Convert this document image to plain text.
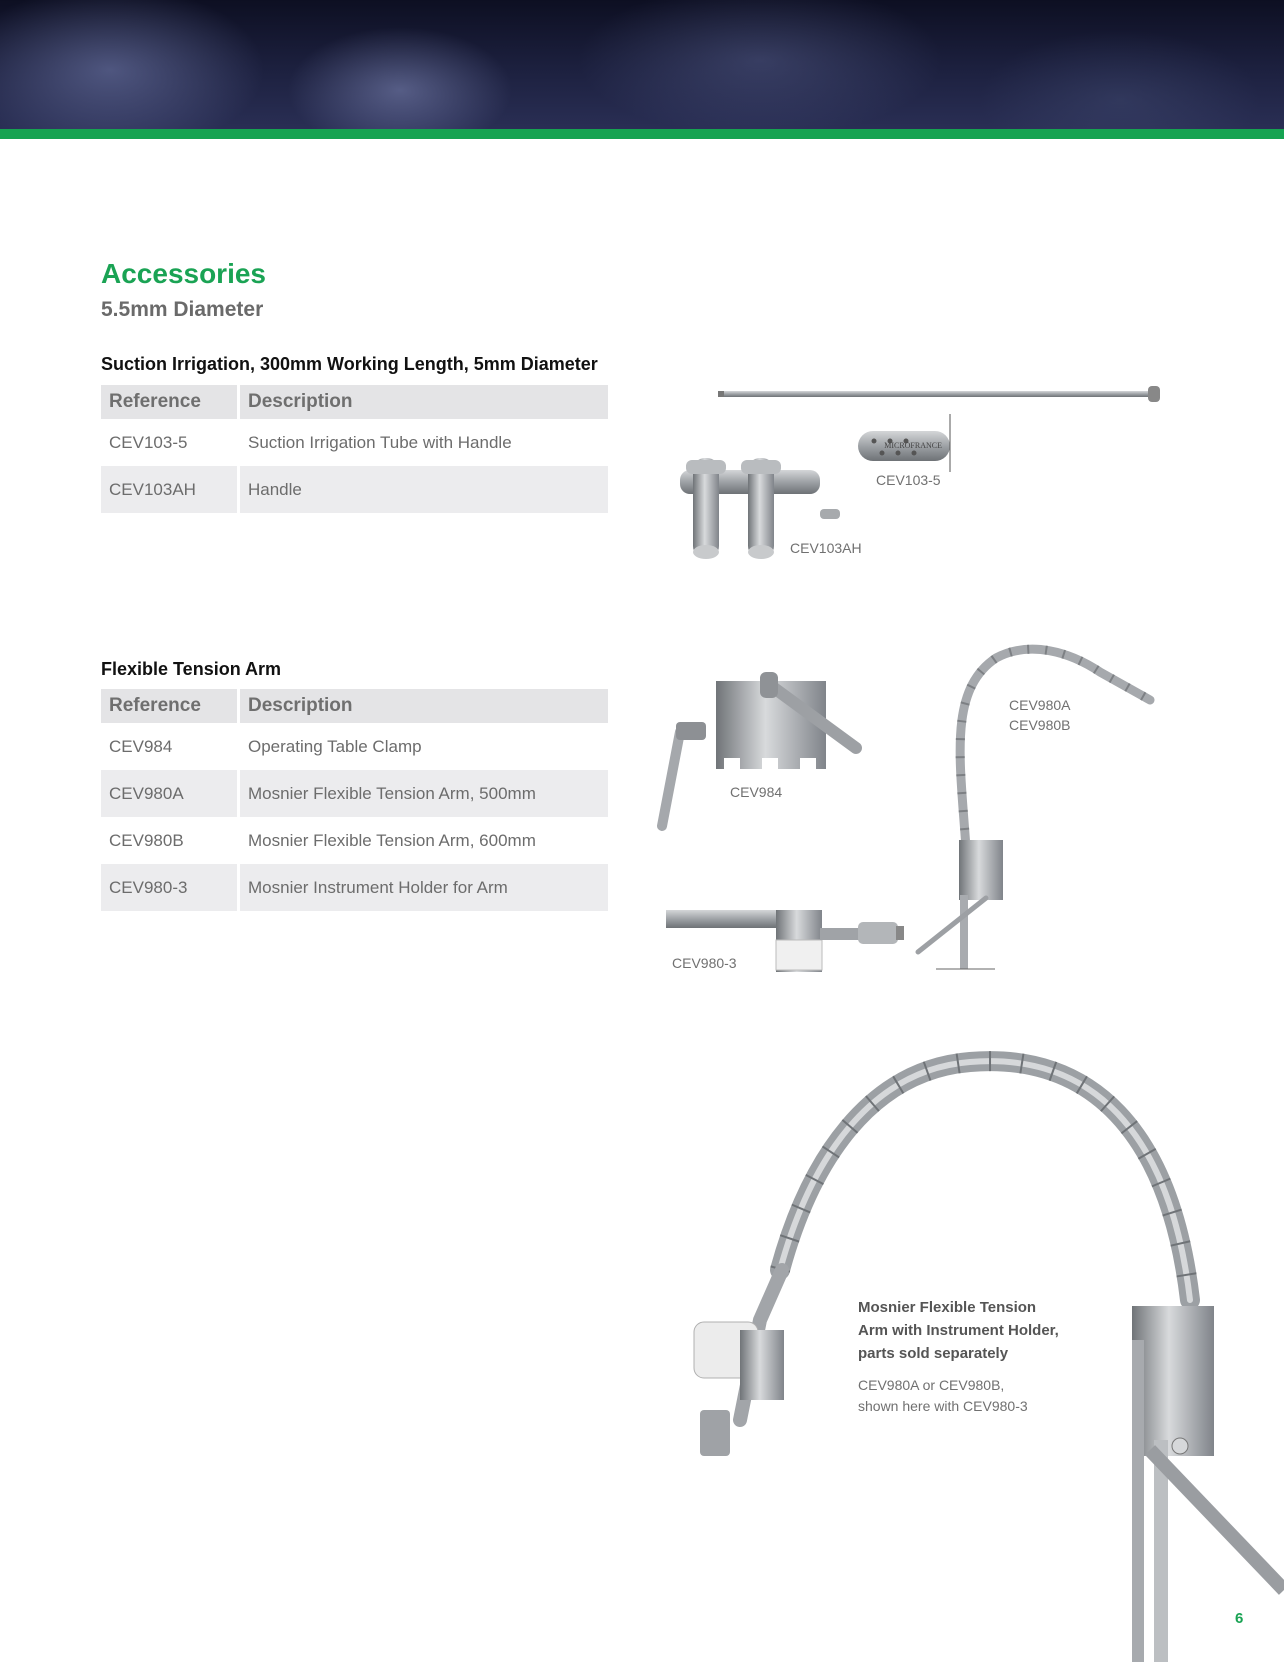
Accessories
5.5mm Diameter
Suction Irrigation, 300mm Working Length, 5mm Diameter
Reference	Description
CEV103-5	Suction Irrigation Tube with Handle
CEV103AH	Handle
Flexible Tension Arm
Reference	Description
CEV984	Operating Table Clamp
CEV980A	Mosnier Flexible Tension Arm, 500mm
CEV980B	Mosnier Flexible Tension Arm, 600mm
CEV980-3	Mosnier Instrument Holder for Arm
MICROFRANCE
CEV103-5
CEV103AH
CEV984
CEV980A
CEV980B
CEV980-3
Mosnier Flexible Tension
Arm with Instrument Holder,
parts sold separately
CEV980A or CEV980B,
shown here with CEV980-3
6
